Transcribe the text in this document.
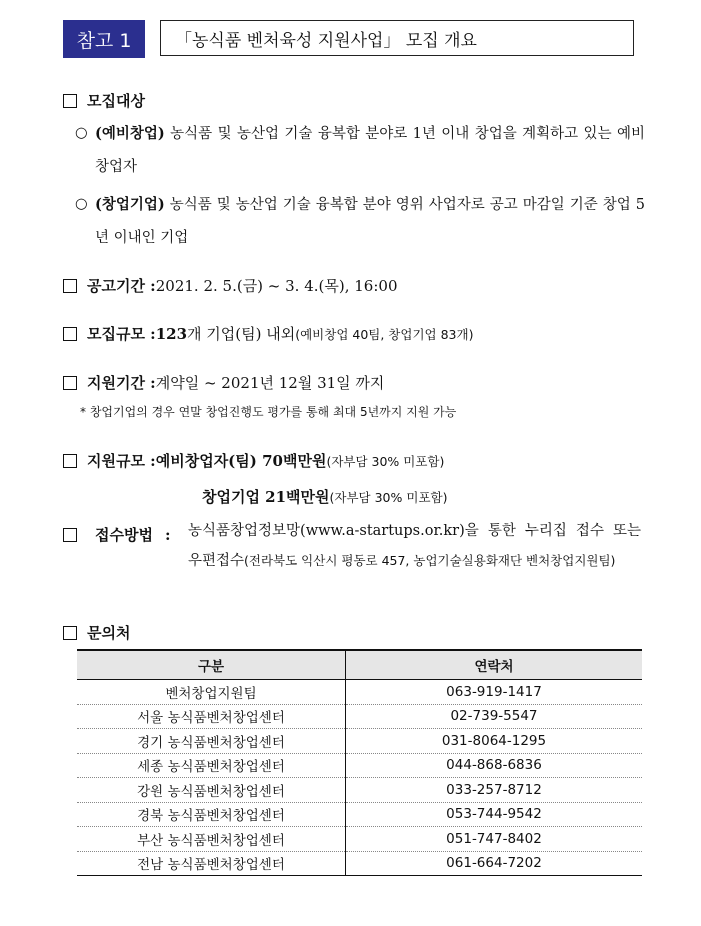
참고 1	「농식품 벤처육성 지원사업」 모집 개요
모집대상
○ (예비창업) 농식품 및 농산업 기술 융복합 분야로 1년 이내 창업을 계획하고 있는 예비창업자
○ (창업기업) 농식품 및 농산업 기술 융복합 분야 영위 사업자로 공고 마감일 기준 창업 5년 이내인 기업
공고기간 : 2021. 2. 5.(금) ~ 3. 4.(목), 16:00
모집규모 : 123 개 기업(팀) 내외 (예비창업 40팀, 창업기업 83개)
지원기간 : 계약일 ~ 2021년 12월 31일 까지
* 창업기업의 경우 연말 창업진행도 평가를 통해 최대 5년까지 지원 가능
지원규모 : 예비창업자(팀) 70백만원 (자부담 30% 미포함)
창업기업 21백만원 (자부담 30% 미포함)
접수방법 : 농식품창업정보망(www.a-startups.or.kr)을 통한 누리집 접수 또는 우편접수(전라북도 익산시 평동로 457, 농업기술실용화재단 벤처창업지원팀)
문의처
구분	연락처
벤처창업지원팀	063-919-1417
서울 농식품벤처창업센터	02-739-5547
경기 농식품벤처창업센터	031-8064-1295
세종 농식품벤처창업센터	044-868-6836
강원 농식품벤처창업센터	033-257-8712
경북 농식품벤처창업센터	053-744-9542
부산 농식품벤처창업센터	051-747-8402
전남 농식품벤처창업센터	061-664-7202
